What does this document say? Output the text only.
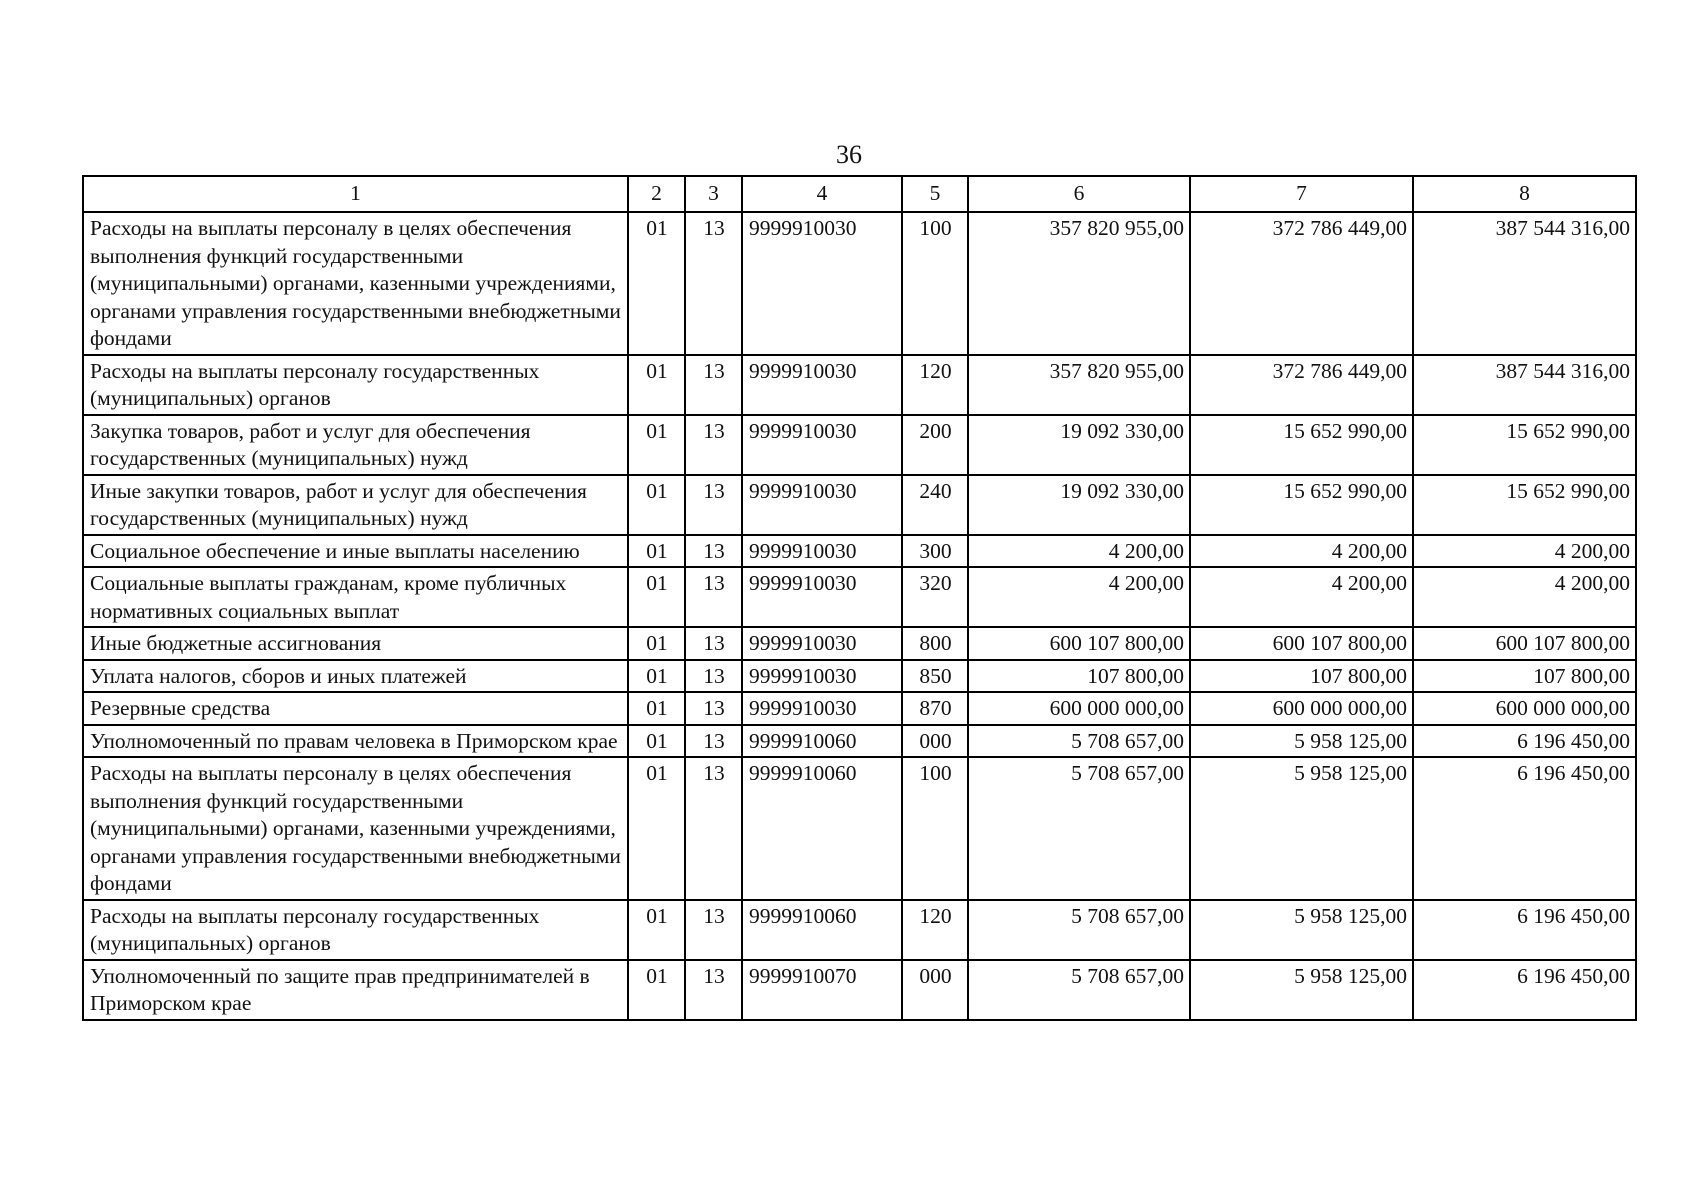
36
1	2	3	4	5	6	7	8
Расходы на выплаты персоналу в целях обеспечения выполнения функций государственными (муниципальными) органами, казенными учреждениями, органами управления государственными внебюджетными фондами	01	13	9999910030	100	357 820 955,00	372 786 449,00	387 544 316,00
Расходы на выплаты персоналу государственных (муниципальных) органов	01	13	9999910030	120	357 820 955,00	372 786 449,00	387 544 316,00
Закупка товаров, работ и услуг для обеспечения государственных (муниципальных) нужд	01	13	9999910030	200	19 092 330,00	15 652 990,00	15 652 990,00
Иные закупки товаров, работ и услуг для обеспечения государственных (муниципальных) нужд	01	13	9999910030	240	19 092 330,00	15 652 990,00	15 652 990,00
Социальное обеспечение и иные выплаты населению	01	13	9999910030	300	4 200,00	4 200,00	4 200,00
Социальные выплаты гражданам, кроме публичных нормативных социальных выплат	01	13	9999910030	320	4 200,00	4 200,00	4 200,00
Иные бюджетные ассигнования	01	13	9999910030	800	600 107 800,00	600 107 800,00	600 107 800,00
Уплата налогов, сборов и иных платежей	01	13	9999910030	850	107 800,00	107 800,00	107 800,00
Резервные средства	01	13	9999910030	870	600 000 000,00	600 000 000,00	600 000 000,00
Уполномоченный по правам человека в Приморском крае	01	13	9999910060	000	5 708 657,00	5 958 125,00	6 196 450,00
Расходы на выплаты персоналу в целях обеспечения выполнения функций государственными (муниципальными) органами, казенными учреждениями, органами управления государственными внебюджетными фондами	01	13	9999910060	100	5 708 657,00	5 958 125,00	6 196 450,00
Расходы на выплаты персоналу государственных (муниципальных) органов	01	13	9999910060	120	5 708 657,00	5 958 125,00	6 196 450,00
Уполномоченный по защите прав предпринимателей в Приморском крае	01	13	9999910070	000	5 708 657,00	5 958 125,00	6 196 450,00
